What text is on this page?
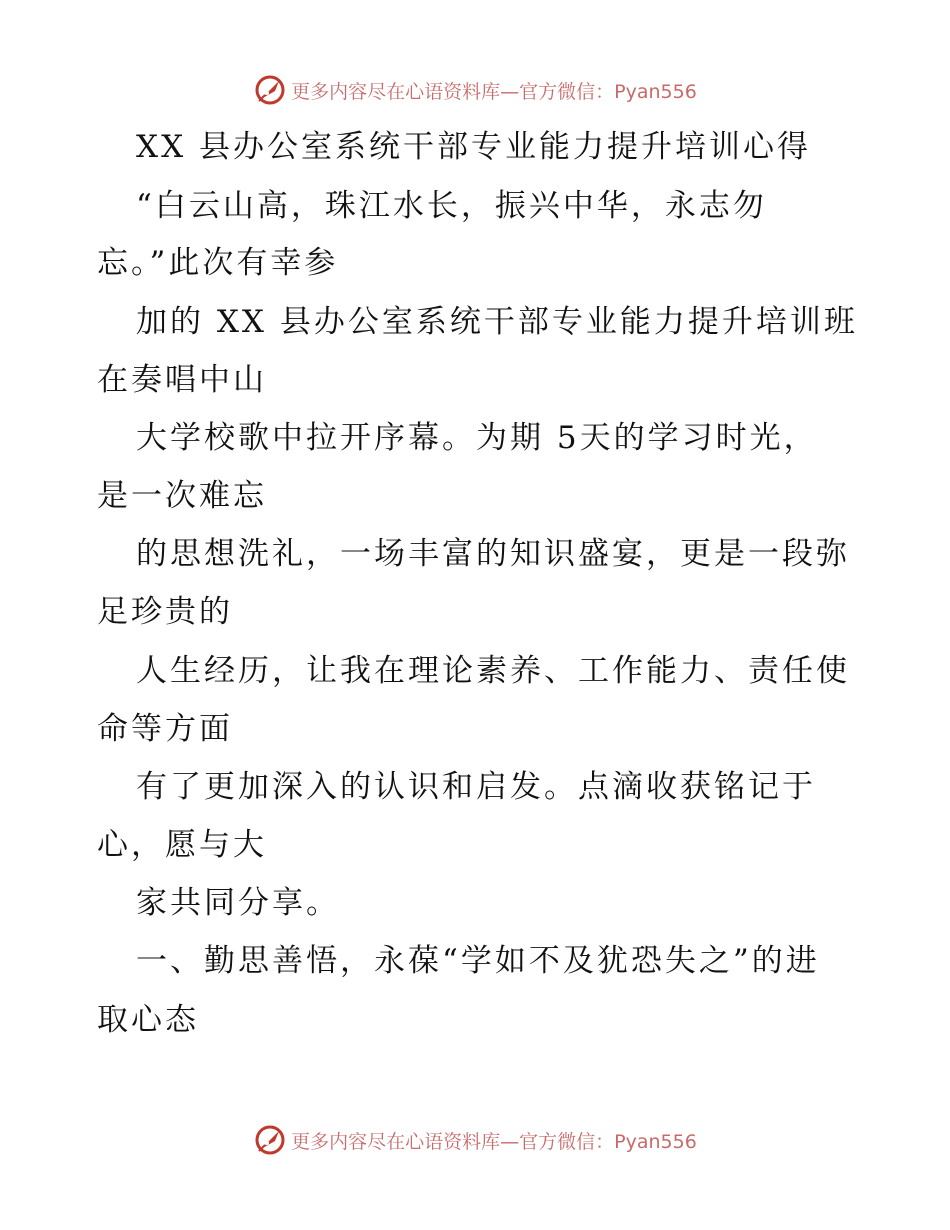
更多内容尽在心语资料库—官方微信：Pyan556
XX 县办公室系统干部专业能力提升培训心得
“白云山高，珠江水长，振兴中华，永志勿
忘。”此次有幸参
加的 XX 县办公室系统干部专业能力提升培训班
在奏唱中山
大学校歌中拉开序幕。为期 5天的学习时光，
是一次难忘
的思想洗礼，一场丰富的知识盛宴，更是一段弥
足珍贵的
人生经历，让我在理论素养、工作能力、责任使
命等方面
有了更加深入的认识和启发。点滴收获铭记于
心，愿与大
家共同分享。
一、勤思善悟，永葆“学如不及犹恐失之”的进
取心态
更多内容尽在心语资料库—官方微信：Pyan556
